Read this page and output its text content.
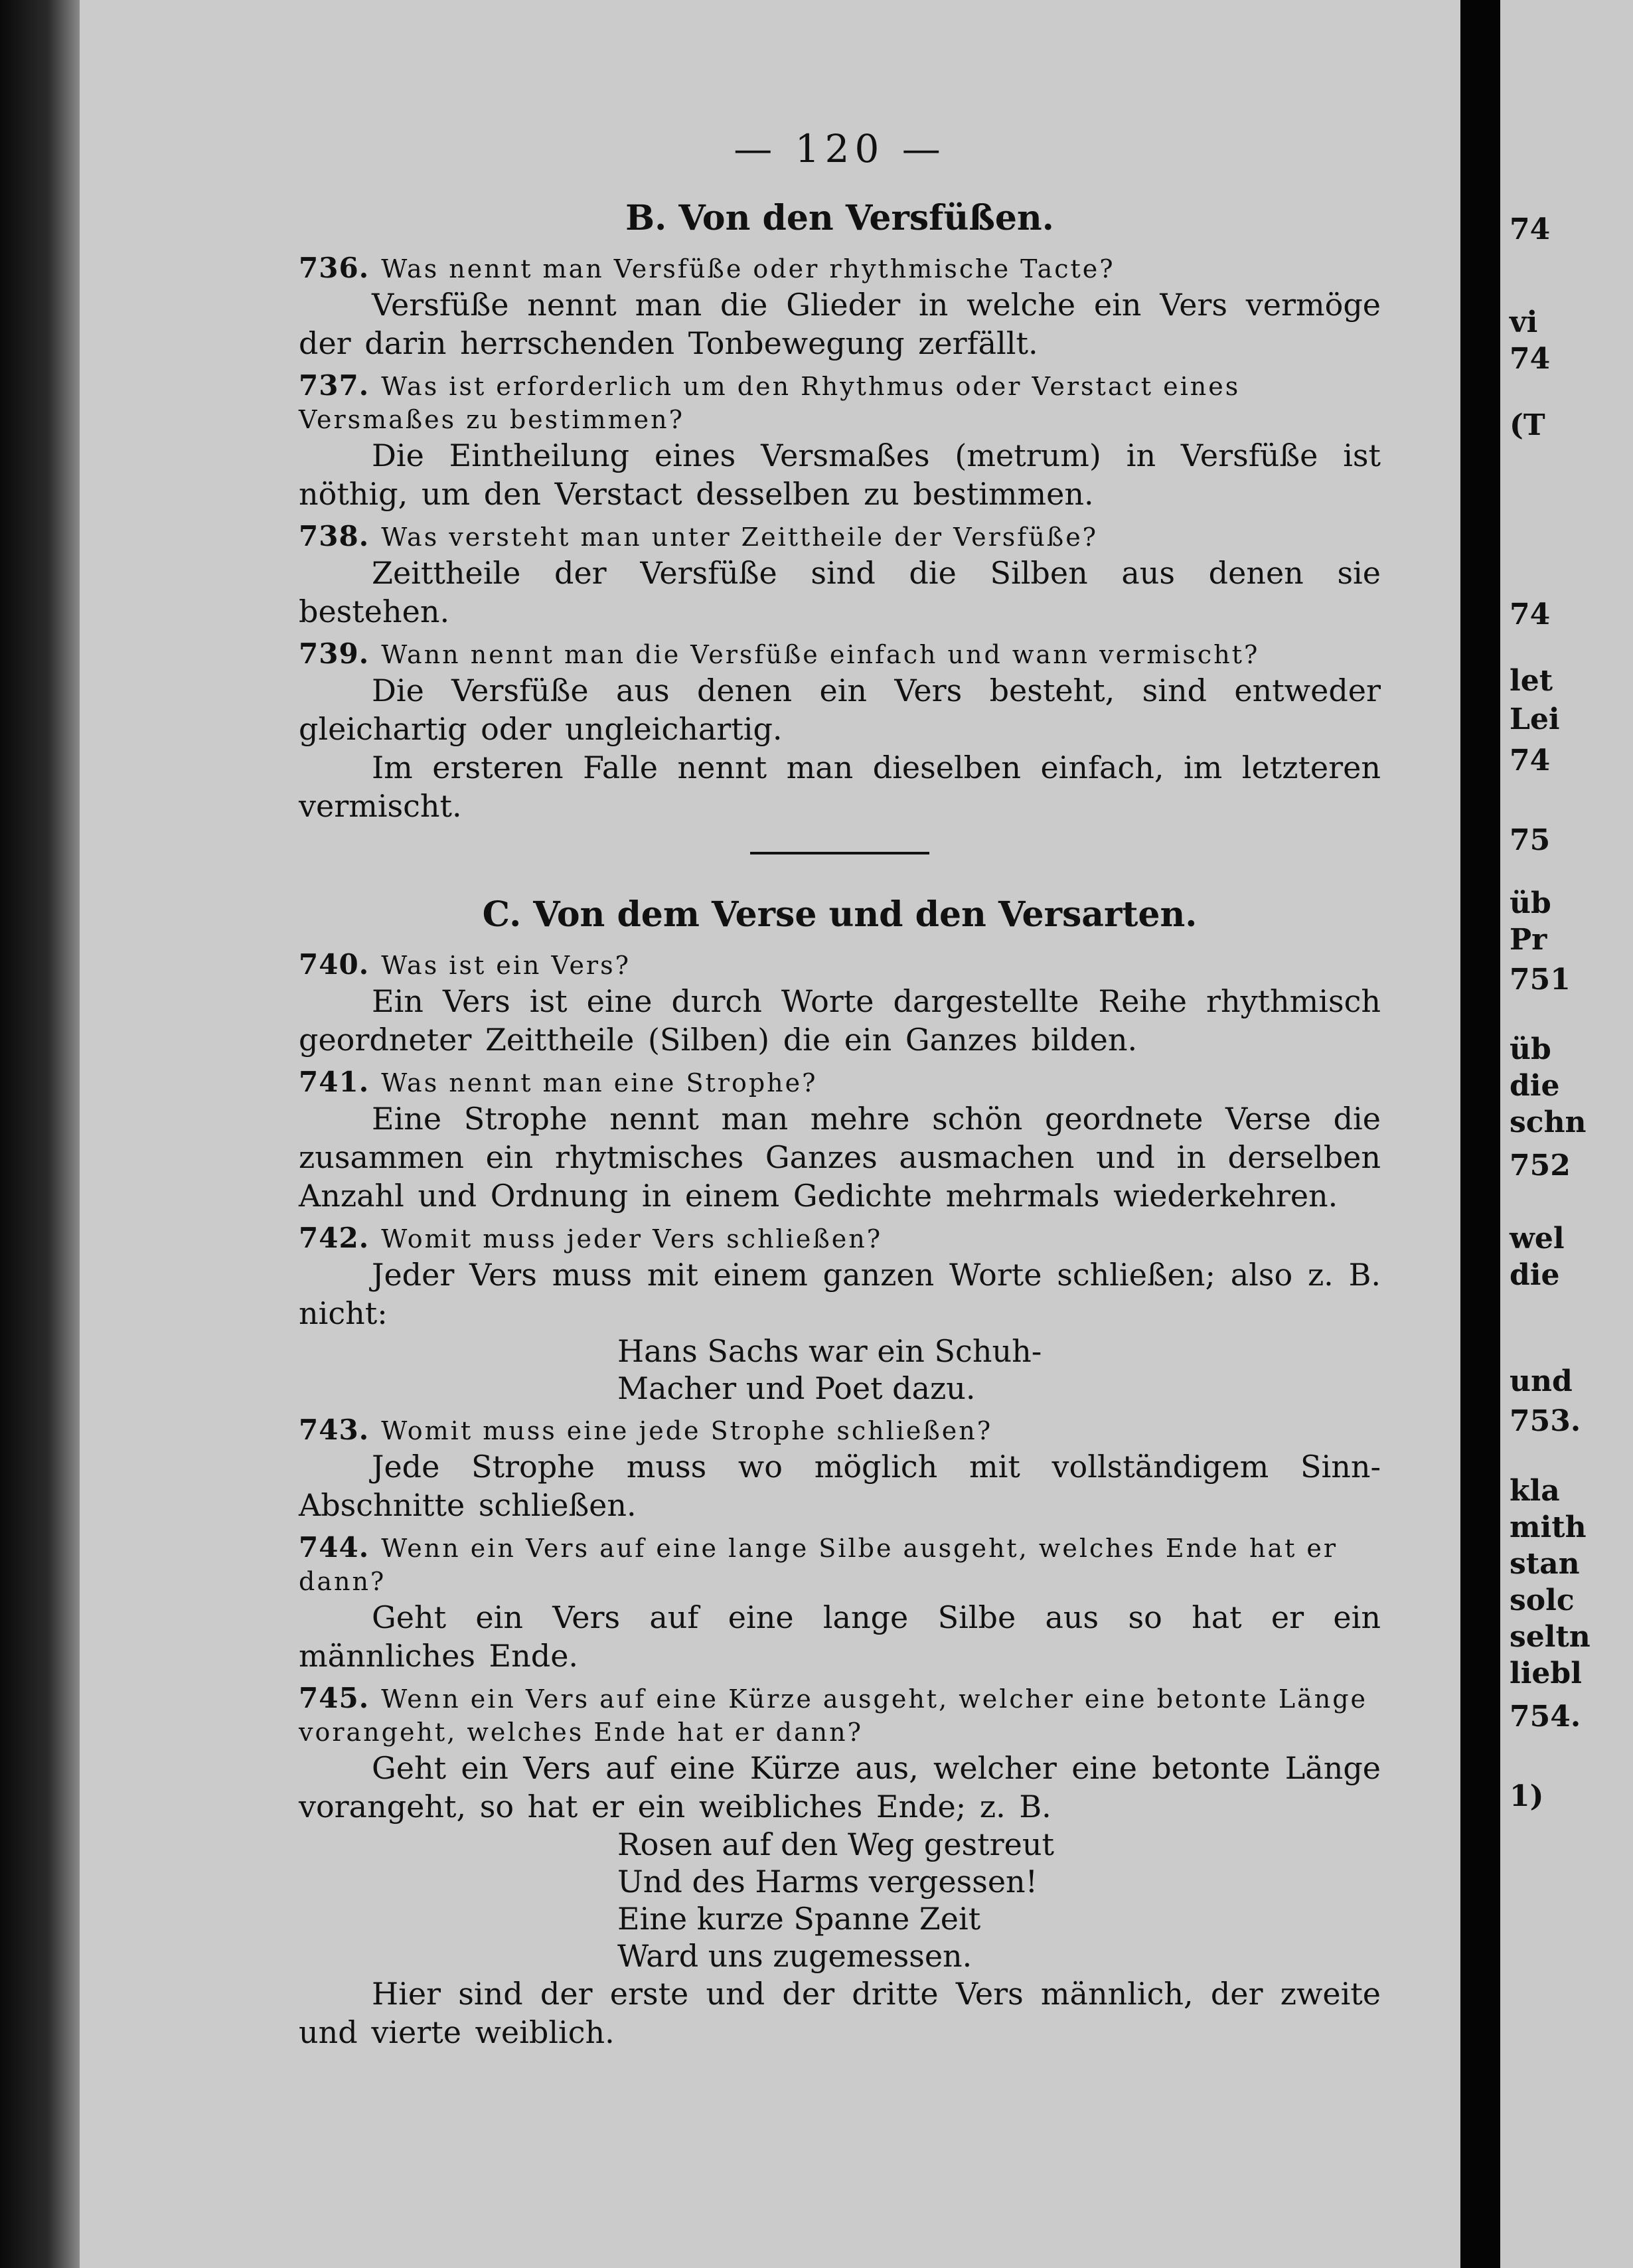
74
vi
74
(T
74
let
Lei
74
75
üb
Pr
751
üb
die
schn
752
wel
die
und
753.
kla
mith
stan
solc
seltn
liebl
754.
1)
— 120 —
B. Von den Versfüßen.
736. Was nennt man Versfüße oder rhythmische Tacte?
Versfüße nennt man die Glieder in welche ein Vers vermöge der darin herrschenden Tonbewegung zerfällt.
737. Was ist erforderlich um den Rhythmus oder Verstact eines Versmaßes zu bestimmen?
Die Eintheilung eines Versmaßes (metrum) in Versfüße ist nöthig, um den Verstact desselben zu bestimmen.
738. Was versteht man unter Zeittheile der Versfüße?
Zeittheile der Versfüße sind die Silben aus denen sie bestehen.
739. Wann nennt man die Versfüße einfach und wann vermischt?
Die Versfüße aus denen ein Vers besteht, sind entweder gleichartig oder ungleichartig.
Im ersteren Falle nennt man dieselben einfach, im letzteren vermischt.
C. Von dem Verse und den Versarten.
740. Was ist ein Vers?
Ein Vers ist eine durch Worte dargestellte Reihe rhythmisch geordneter Zeittheile (Silben) die ein Ganzes bilden.
741. Was nennt man eine Strophe?
Eine Strophe nennt man mehre schön geordnete Verse die zusammen ein rhytmisches Ganzes ausmachen und in derselben Anzahl und Ordnung in einem Gedichte mehrmals wiederkehren.
742. Womit muss jeder Vers schließen?
Jeder Vers muss mit einem ganzen Worte schließen; also z. B. nicht:
Hans Sachs war ein Schuh-
Macher und Poet dazu.
743. Womit muss eine jede Strophe schließen?
Jede Strophe muss wo möglich mit vollständigem Sinn-Abschnitte schließen.
744. Wenn ein Vers auf eine lange Silbe ausgeht, welches Ende hat er dann?
Geht ein Vers auf eine lange Silbe aus so hat er ein männliches Ende.
745. Wenn ein Vers auf eine Kürze ausgeht, welcher eine betonte Länge vorangeht, welches Ende hat er dann?
Geht ein Vers auf eine Kürze aus, welcher eine betonte Länge vorangeht, so hat er ein weibliches Ende; z. B.
Rosen auf den Weg gestreut
Und des Harms vergessen!
Eine kurze Spanne Zeit
Ward uns zugemessen.
Hier sind der erste und der dritte Vers männlich, der zweite und vierte weiblich.
